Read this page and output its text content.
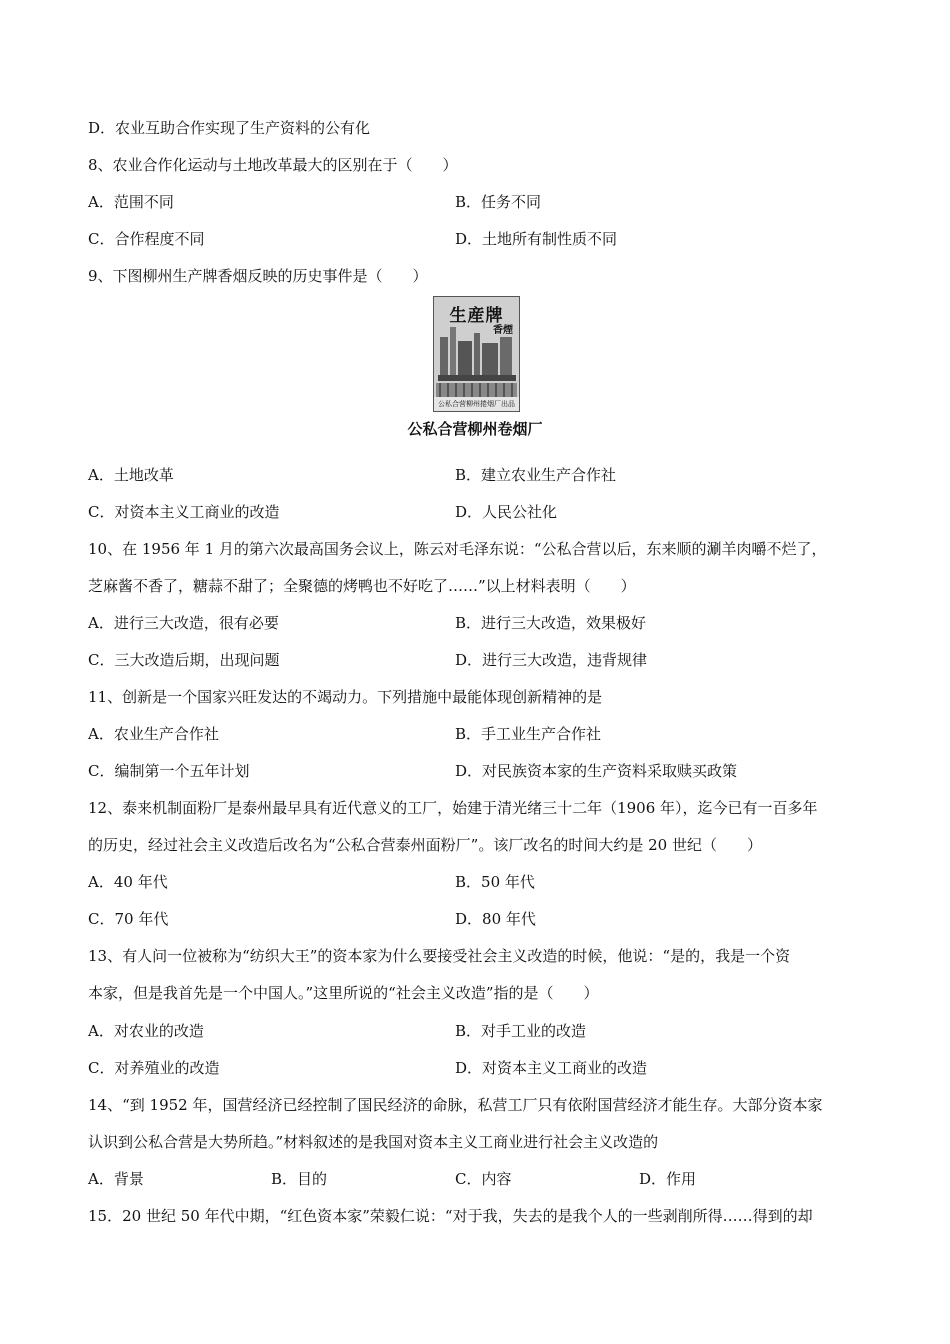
D．农业互助合作实现了生产资料的公有化
8、农业合作化运动与土地改革最大的区别在于（　　）
A．范围不同	B．任务不同
C．合作程度不同	D．土地所有制性质不同
9、下图柳州生产牌香烟反映的历史事件是（　　）
生産牌
香煙
公私合营柳州捲烟厂出品
公私合营柳州卷烟厂
A．土地改革	B．建立农业生产合作社
C．对资本主义工商业的改造	D．人民公社化
10、在 1956 年 1 月的第六次最高国务会议上，陈云对毛泽东说：“公私合营以后，东来顺的涮羊肉嚼不烂了，
芝麻酱不香了，糖蒜不甜了；全聚德的烤鸭也不好吃了……”以上材料表明（　　）
A．进行三大改造，很有必要	B．进行三大改造，效果极好
C．三大改造后期，出现问题	D．进行三大改造，违背规律
11、创新是一个国家兴旺发达的不竭动力。下列措施中最能体现创新精神的是
A．农业生产合作社	B．手工业生产合作社
C．编制第一个五年计划	D．对民族资本家的生产资料采取赎买政策
12、泰来机制面粉厂是泰州最早具有近代意义的工厂，始建于清光绪三十二年（1906 年），迄今已有一百多年
的历史，经过社会主义改造后改名为“公私合营泰州面粉厂”。该厂改名的时间大约是 20 世纪（　　）
A．40 年代	B．50 年代
C．70 年代	D．80 年代
13、有人问一位被称为“纺织大王”的资本家为什么要接受社会主义改造的时候，他说：“是的，我是一个资
本家，但是我首先是一个中国人。”这里所说的“社会主义改造”指的是（　　）
A．对农业的改造	B．对手工业的改造
C．对养殖业的改造	D．对资本主义工商业的改造
14、“到 1952 年，国营经济已经控制了国民经济的命脉，私营工厂只有依附国营经济才能生存。大部分资本家
认识到公私合营是大势所趋。”材料叙述的是我国对资本主义工商业进行社会主义改造的
A．背景	B．目的	C．内容	D．作用
15．20 世纪 50 年代中期，“红色资本家”荣毅仁说：“对于我，失去的是我个人的一些剥削所得……得到的却
